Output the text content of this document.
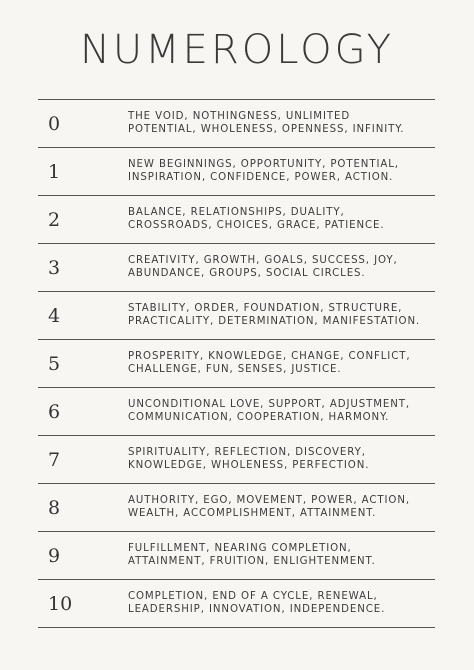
NUMEROLOGY
0	THE VOID, NOTHINGNESS, UNLIMITED
POTENTIAL, WHOLENESS, OPENNESS, INFINITY.
1	NEW BEGINNINGS, OPPORTUNITY, POTENTIAL,
INSPIRATION, CONFIDENCE, POWER, ACTION.
2	BALANCE, RELATIONSHIPS, DUALITY,
CROSSROADS, CHOICES, GRACE, PATIENCE.
3	CREATIVITY, GROWTH, GOALS, SUCCESS, JOY,
ABUNDANCE, GROUPS, SOCIAL CIRCLES.
4	STABILITY, ORDER, FOUNDATION, STRUCTURE,
PRACTICALITY, DETERMINATION, MANIFESTATION.
5	PROSPERITY, KNOWLEDGE, CHANGE, CONFLICT,
CHALLENGE, FUN, SENSES, JUSTICE.
6	UNCONDITIONAL LOVE, SUPPORT, ADJUSTMENT,
COMMUNICATION, COOPERATION, HARMONY.
7	SPIRITUALITY, REFLECTION, DISCOVERY,
KNOWLEDGE, WHOLENESS, PERFECTION.
8	AUTHORITY, EGO, MOVEMENT, POWER, ACTION,
WEALTH, ACCOMPLISHMENT, ATTAINMENT.
9	FULFILLMENT, NEARING COMPLETION,
ATTAINMENT, FRUITION, ENLIGHTENMENT.
10	COMPLETION, END OF A CYCLE, RENEWAL,
LEADERSHIP, INNOVATION, INDEPENDENCE.
